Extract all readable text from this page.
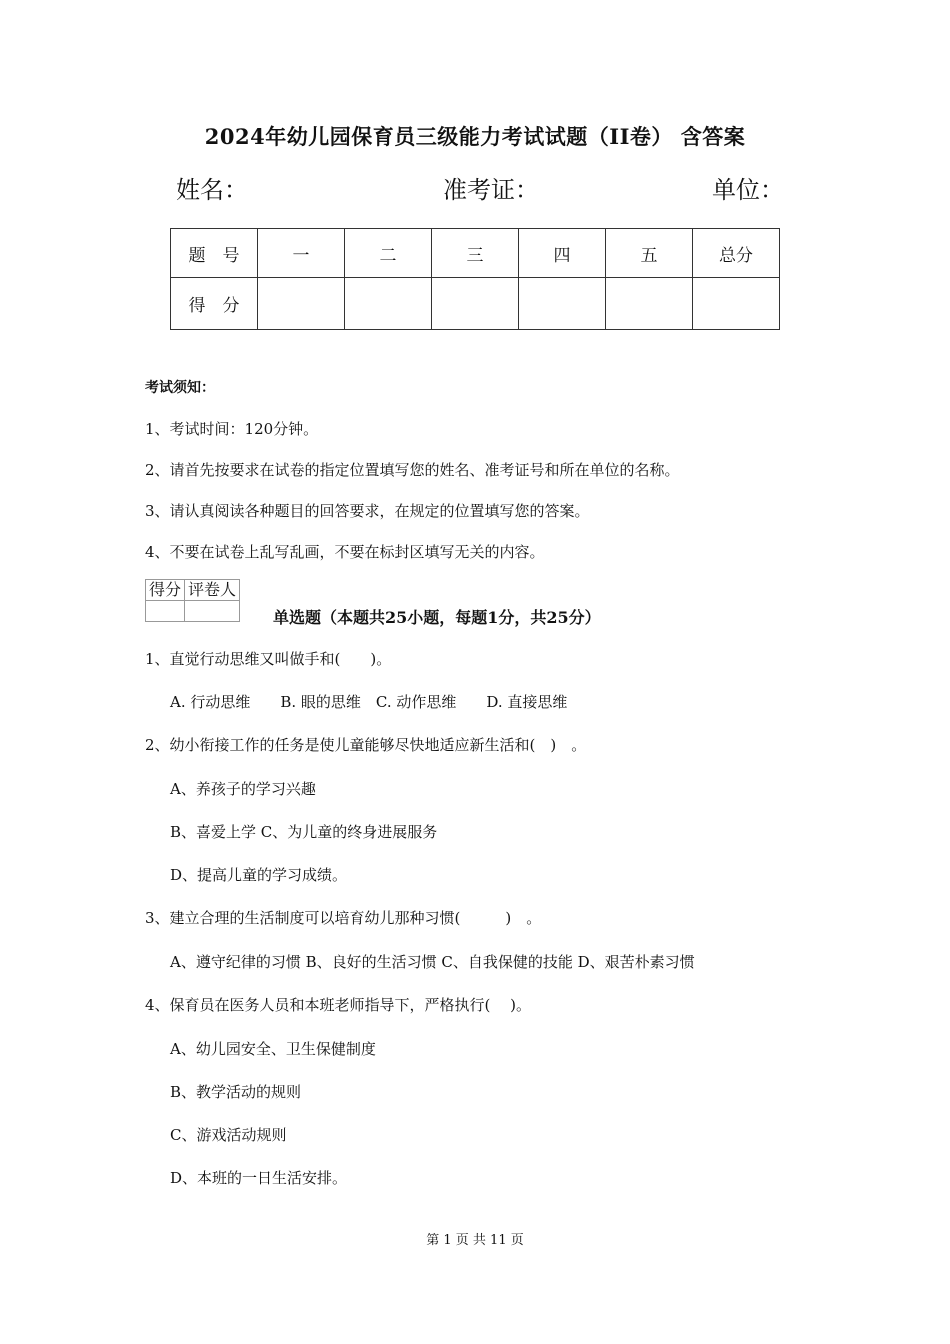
2024年幼儿园保育员三级能力考试试题（II卷） 含答案
姓名：	准考证：	单位：
题　号	一	二	三	四	五	总分
得　分						
考试须知：
1、考试时间：120分钟。
2、请首先按要求在试卷的指定位置填写您的姓名、准考证号和所在单位的名称。
3、请认真阅读各种题目的回答要求，在规定的位置填写您的答案。
4、不要在试卷上乱写乱画，不要在标封区填写无关的内容。
得分	评卷人

单选题（本题共25小题，每题1分，共25分）
1、直觉行动思维又叫做手和(　　)。
A. 行动思维　　B. 眼的思维　C. 动作思维　　D. 直接思维
2、幼小衔接工作的任务是使儿童能够尽快地适应新生活和(　)　。
A、养孩子的学习兴趣
B、喜爱上学 C、为儿童的终身进展服务
D、提高儿童的学习成绩。
3、建立合理的生活制度可以培育幼儿那种习惯(　　　)　。
A、遵守纪律的习惯 B、良好的生活习惯 C、自我保健的技能 D、艰苦朴素习惯
4、保育员在医务人员和本班老师指导下，严格执行(　 )。
A、幼儿园安全、卫生保健制度
B、教学活动的规则
C、游戏活动规则
D、本班的一日生活安排。
第 1 页 共 11 页
